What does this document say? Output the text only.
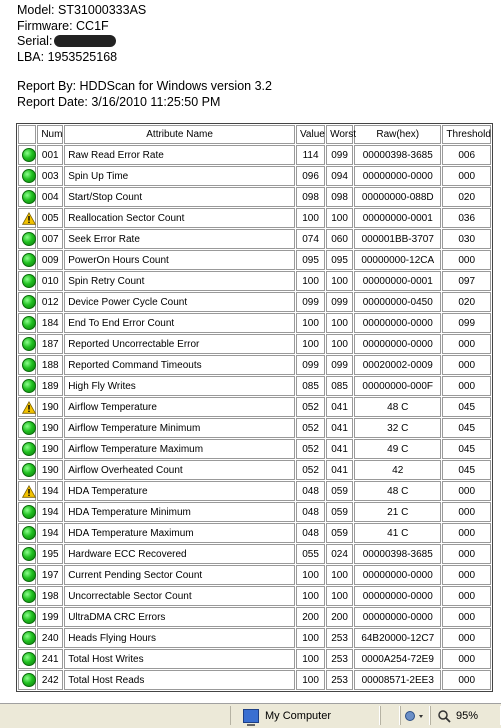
Model: ST31000333AS
Firmware: CC1F
Serial:
LBA: 1953525168
Report By: HDDScan for Windows version 3.2
Report Date: 3/16/2010 11:25:50 PM
	Num	Attribute Name	Value	Worst	Raw(hex)	Threshold
	001	Raw Read Error Rate	114	099	00000398-3685	006
	003	Spin Up Time	096	094	00000000-0000	000
	004	Start/Stop Count	098	098	00000000-088D	020
	005	Reallocation Sector Count	100	100	00000000-0001	036
	007	Seek Error Rate	074	060	000001BB-3707	030
	009	PowerOn Hours Count	095	095	00000000-12CA	000
	010	Spin Retry Count	100	100	00000000-0001	097
	012	Device Power Cycle Count	099	099	00000000-0450	020
	184	End To End Error Count	100	100	00000000-0000	099
	187	Reported Uncorrectable Error	100	100	00000000-0000	000
	188	Reported Command Timeouts	099	099	00020002-0009	000
	189	High Fly Writes	085	085	00000000-000F	000
	190	Airflow Temperature	052	041	48 C	045
	190	Airflow Temperature Minimum	052	041	32 C	045
	190	Airflow Temperature Maximum	052	041	49 C	045
	190	Airflow Overheated Count	052	041	42	045
	194	HDA Temperature	048	059	48 C	000
	194	HDA Temperature Minimum	048	059	21 C	000
	194	HDA Temperature Maximum	048	059	41 C	000
	195	Hardware ECC Recovered	055	024	00000398-3685	000
	197	Current Pending Sector Count	100	100	00000000-0000	000
	198	Uncorrectable Sector Count	100	100	00000000-0000	000
	199	UltraDMA CRC Errors	200	200	00000000-0000	000
	240	Heads Flying Hours	100	253	64B20000-12C7	000
	241	Total Host Writes	100	253	0000A254-72E9	000
	242	Total Host Reads	100	253	00008571-2EE3	000
My Computer	95%
